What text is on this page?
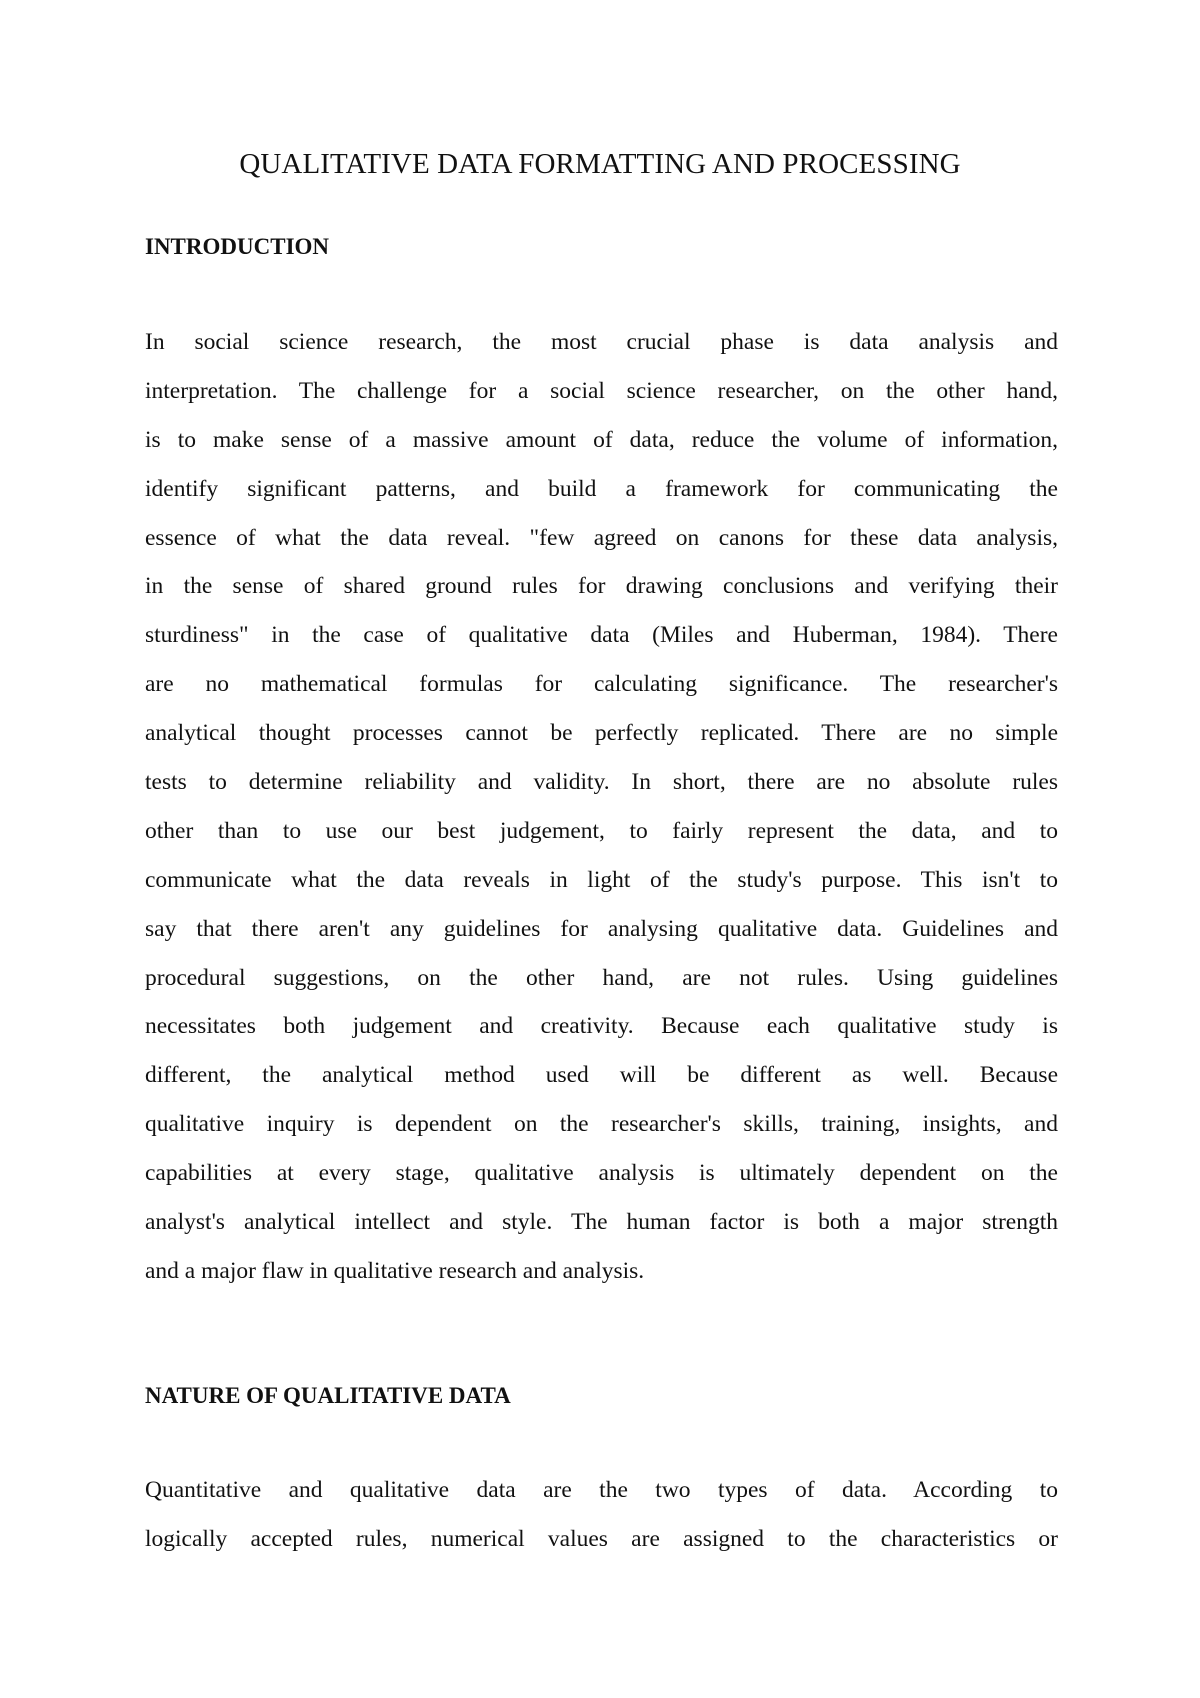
QUALITATIVE DATA FORMATTING AND PROCESSING
INTRODUCTION
In social science research, the most crucial phase is data analysis and
interpretation. The challenge for a social science researcher, on the other hand,
is to make sense of a massive amount of data, reduce the volume of information,
identify significant patterns, and build a framework for communicating the
essence of what the data reveal. "few agreed on canons for these data analysis,
in the sense of shared ground rules for drawing conclusions and verifying their
sturdiness" in the case of qualitative data (Miles and Huberman, 1984). There
are no mathematical formulas for calculating significance. The researcher's
analytical thought processes cannot be perfectly replicated. There are no simple
tests to determine reliability and validity. In short, there are no absolute rules
other than to use our best judgement, to fairly represent the data, and to
communicate what the data reveals in light of the study's purpose. This isn't to
say that there aren't any guidelines for analysing qualitative data. Guidelines and
procedural suggestions, on the other hand, are not rules. Using guidelines
necessitates both judgement and creativity. Because each qualitative study is
different, the analytical method used will be different as well. Because
qualitative inquiry is dependent on the researcher's skills, training, insights, and
capabilities at every stage, qualitative analysis is ultimately dependent on the
analyst's analytical intellect and style. The human factor is both a major strength
and a major flaw in qualitative research and analysis.
NATURE OF QUALITATIVE DATA
Quantitative and qualitative data are the two types of data. According to
logically accepted rules, numerical values are assigned to the characteristics or
